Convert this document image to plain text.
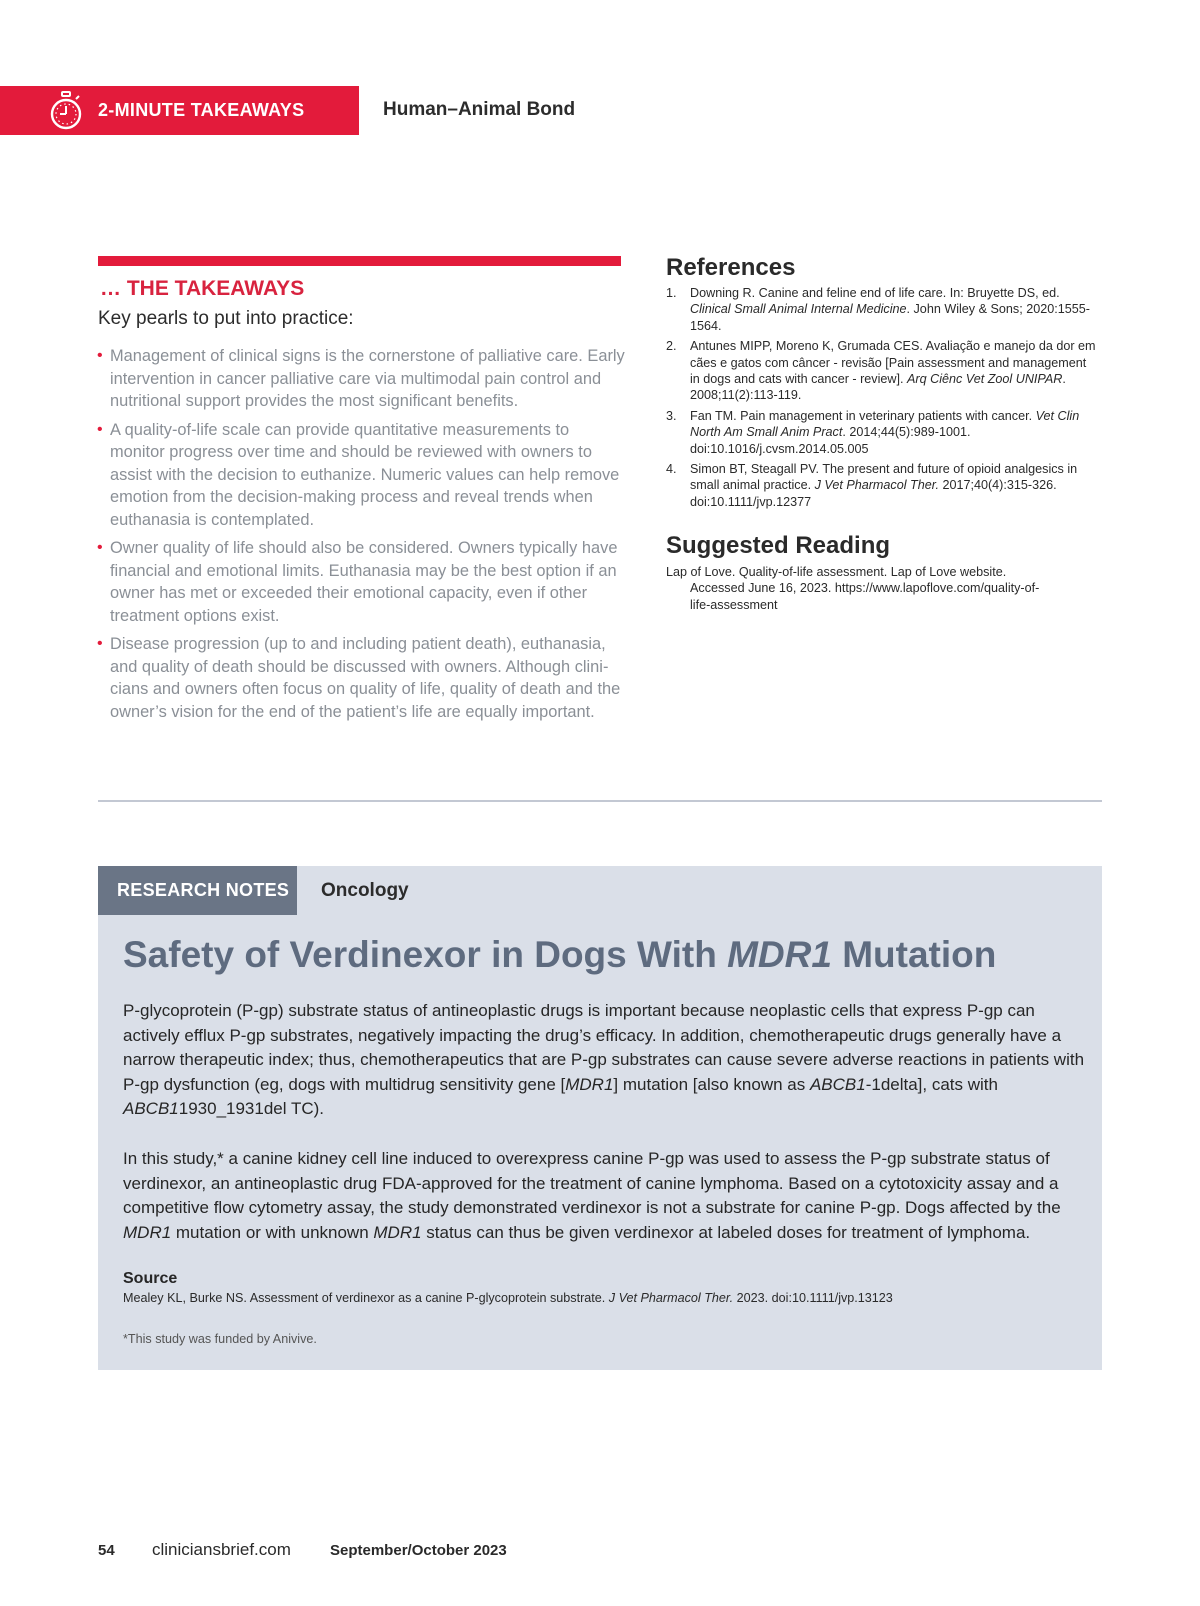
2-MINUTE TAKEAWAYS	Human–Animal Bond
… THE TAKEAWAYS
Key pearls to put into practice:
• Management of clinical signs is the cornerstone of palliative care. Early intervention in cancer palliative care via multimodal pain control and nutritional support provides the most significant benefits.
• A quality-of-life scale can provide quantitative measurements to monitor progress over time and should be reviewed with owners to assist with the decision to euthanize. Numeric values can help remove emotion from the decision-making process and reveal trends when euthanasia is contemplated.
• Owner quality of life should also be considered. Owners typically have financial and emotional limits. Euthanasia may be the best option if an owner has met or exceeded their emotional capacity, even if other treatment options exist.
• Disease progression (up to and including patient death), euthanasia, and quality of death should be discussed with owners. Although clinicians and owners often focus on quality of life, quality of death and the owner’s vision for the end of the patient’s life are equally important.
References
1. Downing R. Canine and feline end of life care. In: Bruyette DS, ed. Clinical Small Animal Internal Medicine. John Wiley & Sons; 2020:1555-1564.
2. Antunes MIPP, Moreno K, Grumada CES. Avaliação e manejo da dor em cães e gatos com câncer - revisão [Pain assessment and management in dogs and cats with cancer - review]. Arq Ciênc Vet Zool UNIPAR. 2008;11(2):113-119.
3. Fan TM. Pain management in veterinary patients with cancer. Vet Clin North Am Small Anim Pract. 2014;44(5):989-1001. doi:10.1016/j.cvsm.2014.05.005
4. Simon BT, Steagall PV. The present and future of opioid analgesics in small animal practice. J Vet Pharmacol Ther. 2017;40(4):315-326. doi:10.1111/jvp.12377
Suggested Reading
Lap of Love. Quality-of-life assessment. Lap of Love website. Accessed June 16, 2023. https://www.lapoflove.com/quality-of-life-assessment
RESEARCH NOTES Oncology
Safety of Verdinexor in Dogs With MDR1 Mutation

P-glycoprotein (P-gp) substrate status of antineoplastic drugs is important because neoplastic cells that express P-gp can actively efflux P-gp substrates, negatively impacting the drug’s efficacy. In addition, chemotherapeutic drugs generally have a narrow therapeutic index; thus, chemotherapeutics that are P-gp substrates can cause severe adverse reactions in patients with P-gp dysfunction (eg, dogs with multidrug sensitivity gene [MDR1] mutation [also known as ABCB1-1delta], cats with ABCB11930_1931del TC).

In this study,* a canine kidney cell line induced to overexpress canine P-gp was used to assess the P-gp substrate status of verdinexor, an antineoplastic drug FDA-approved for the treatment of canine lymphoma. Based on a cytotoxicity assay and a competitive flow cytometry assay, the study demonstrated verdinexor is not a substrate for canine P-gp. Dogs affected by the MDR1 mutation or with unknown MDR1 status can thus be given verdinexor at labeled doses for treatment of lymphoma.

Source
Mealey KL, Burke NS. Assessment of verdinexor as a canine P-glycoprotein substrate. J Vet Pharmacol Ther. 2023. doi:10.1111/jvp.13123
*This study was funded by Anivive.
54 cliniciansbrief.com	September/October 2023
